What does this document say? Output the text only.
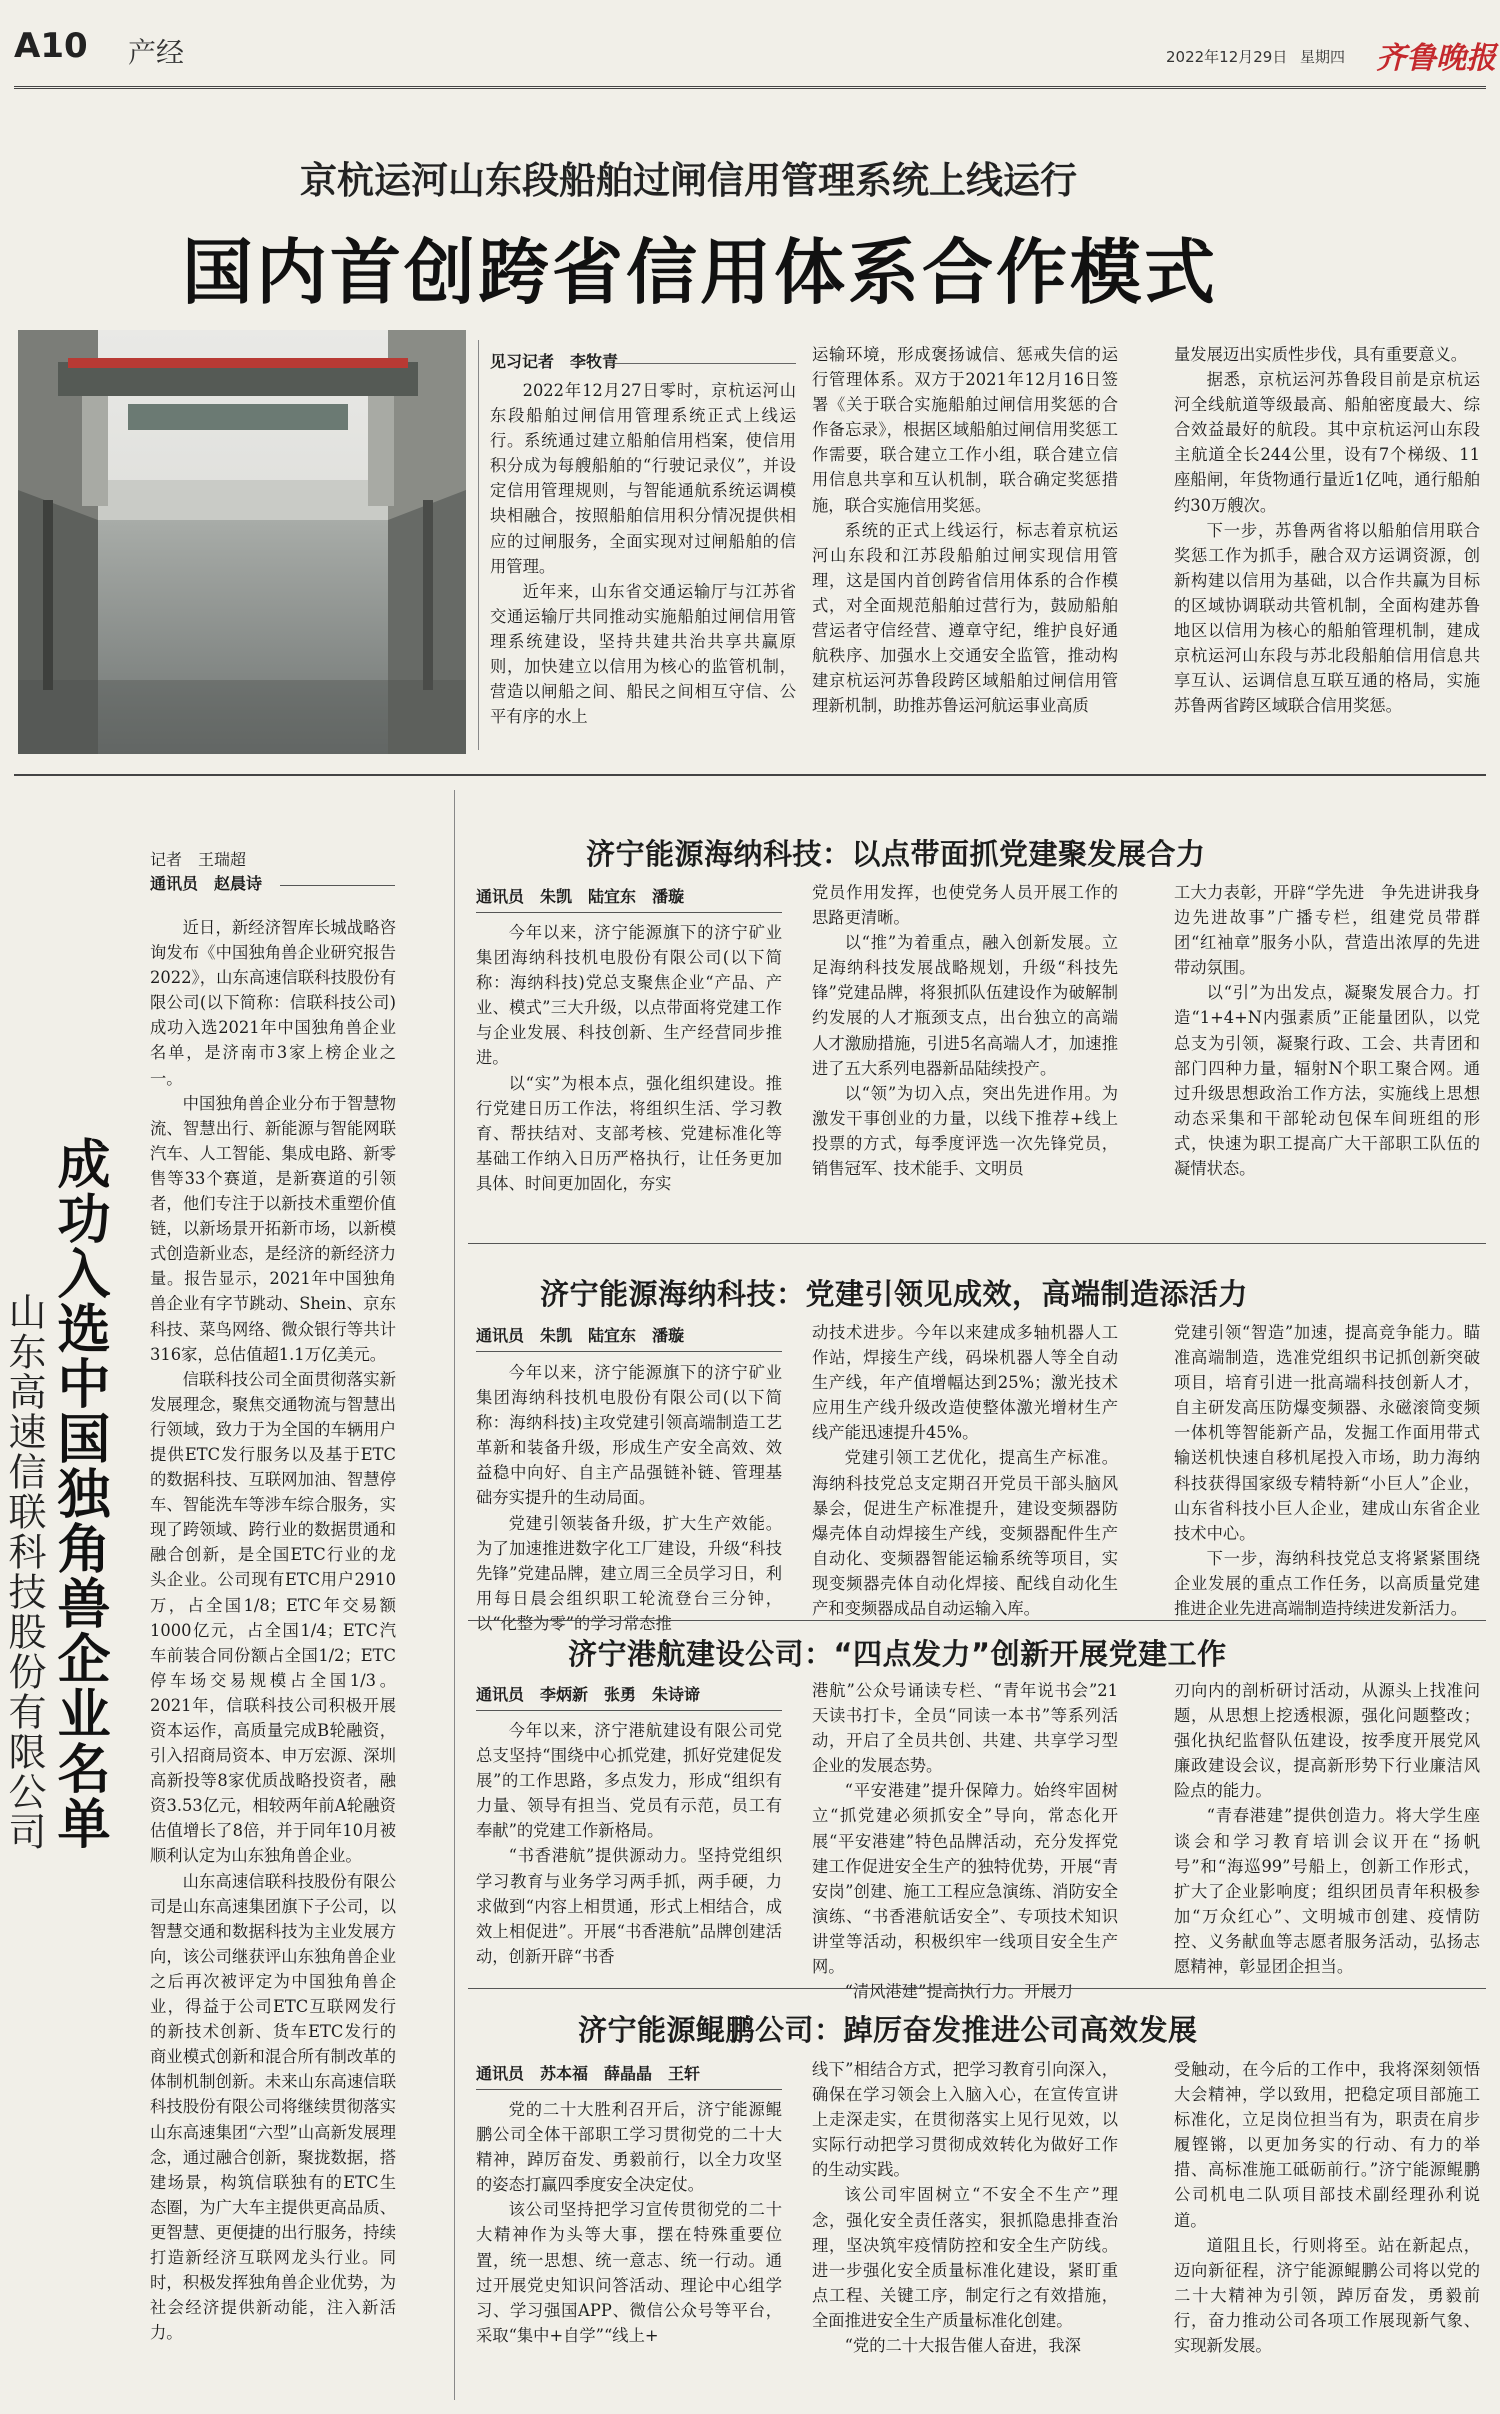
A10 产经	2022年12月29日 星期四 齐鲁晚报
京杭运河山东段船舶过闸信用管理系统上线运行
国内首创跨省信用体系合作模式
见习记者　李牧青

2022年12月27日零时，京杭运河山东段船舶过闸信用管理系统正式上线运行。系统通过建立船舶信用档案，使信用积分成为每艘船舶的“行驶记录仪”，并设定信用管理规则，与智能通航系统运调模块相融合，按照船舶信用积分情况提供相应的过闸服务，全面实现对过闸船舶的信用管理。

近年来，山东省交通运输厅与江苏省交通运输厅共同推动实施船舶过闸信用管理系统建设，坚持共建共治共享共赢原则，加快建立以信用为核心的监管机制，营造以闸船之间、船民之间相互守信、公平有序的水上

运输环境，形成褒扬诚信、惩戒失信的运行管理体系。双方于2021年12月16日签署《关于联合实施船舶过闸信用奖惩的合作备忘录》，根据区域船舶过闸信用奖惩工作需要，联合建立工作小组，联合建立信用信息共享和互认机制，联合确定奖惩措施，联合实施信用奖惩。

系统的正式上线运行，标志着京杭运河山东段和江苏段船舶过闸实现信用管理，这是国内首创跨省信用体系的合作模式，对全面规范船舶过营行为，鼓励船舶营运者守信经营、遵章守纪，维护良好通航秩序、加强水上交通安全监管，推动构建京杭运河苏鲁段跨区域船舶过闸信用管理新机制，助推苏鲁运河航运事业高质

量发展迈出实质性步伐，具有重要意义。

据悉，京杭运河苏鲁段目前是京杭运河全线航道等级最高、船舶密度最大、综合效益最好的航段。其中京杭运河山东段主航道全长244公里，设有7个梯级、11座船闸，年货物通行量近1亿吨，通行船舶约30万艘次。

下一步，苏鲁两省将以船舶信用联合奖惩工作为抓手，融合双方运调资源，创新构建以信用为基础，以合作共赢为目标的区域协调联动共管机制，全面构建苏鲁地区以信用为核心的船舶管理机制，建成京杭运河山东段与苏北段船舶信用信息共享互认、运调信息互联互通的格局，实施苏鲁两省跨区域联合信用奖惩。

记者　王瑞超
通讯员　赵晨诗
成功入选中国独角兽企业名单
山东高速信联科技股份有限公司

近日，新经济智库长城战略咨询发布《中国独角兽企业研究报告2022》，山东高速信联科技股份有限公司(以下简称：信联科技公司)成功入选2021年中国独角兽企业名单，是济南市3家上榜企业之一。

中国独角兽企业分布于智慧物流、智慧出行、新能源与智能网联汽车、人工智能、集成电路、新零售等33个赛道，是新赛道的引领者，他们专注于以新技术重塑价值链，以新场景开拓新市场，以新模式创造新业态，是经济的新经济力量。报告显示，2021年中国独角兽企业有字节跳动、Shein、京东科技、菜鸟网络、微众银行等共计316家，总估值超1.1万亿美元。

信联科技公司全面贯彻落实新发展理念，聚焦交通物流与智慧出行领域，致力于为全国的车辆用户提供ETC发行服务以及基于ETC的数据科技、互联网加油、智慧停车、智能洗车等涉车综合服务，实现了跨领域、跨行业的数据贯通和融合创新，是全国ETC行业的龙头企业。公司现有ETC用户2910万，占全国1/8；ETC年交易额1000亿元，占全国1/4；ETC汽车前装合同份额占全国1/2；ETC停车场交易规模占全国1/3。2021年，信联科技公司积极开展资本运作，高质量完成B轮融资，引入招商局资本、申万宏源、深圳高新投等8家优质战略投资者，融资3.53亿元，相较两年前A轮融资估值增长了8倍，并于同年10月被顺利认定为山东独角兽企业。

山东高速信联科技股份有限公司是山东高速集团旗下子公司，以智慧交通和数据科技为主业发展方向，该公司继获评山东独角兽企业之后再次被评定为中国独角兽企业，得益于公司ETC互联网发行的新技术创新、货车ETC发行的商业模式创新和混合所有制改革的体制机制创新。未来山东高速信联科技股份有限公司将继续贯彻落实山东高速集团“六型”山高新发展理念，通过融合创新，聚拢数据，搭建场景，构筑信联独有的ETC生态圈，为广大车主提供更高品质、更智慧、更便捷的出行服务，持续打造新经济互联网龙头行业。同时，积极发挥独角兽企业优势，为社会经济提供新动能，注入新活力。

济宁能源海纳科技：以点带面抓党建聚发展合力
通讯员　朱凯　陆宜东　潘璇

今年以来，济宁能源旗下的济宁矿业集团海纳科技机电股份有限公司(以下简称：海纳科技)党总支聚焦企业“产品、产业、模式”三大升级，以点带面将党建工作与企业发展、科技创新、生产经营同步推进。

以“实”为根本点，强化组织建设。推行党建日历工作法，将组织生活、学习教育、帮扶结对、支部考核、党建标准化等基础工作纳入日历严格执行，让任务更加具体、时间更加固化，夯实

党员作用发挥，也使党务人员开展工作的思路更清晰。

以“推”为着重点，融入创新发展。立足海纳科技发展战略规划，升级“科技先锋”党建品牌，将狠抓队伍建设作为破解制约发展的人才瓶颈支点，出台独立的高端人才激励措施，引进5名高端人才，加速推进了五大系列电器新品陆续投产。

以“领”为切入点，突出先进作用。为激发干事创业的力量，以线下推荐+线上投票的方式，每季度评选一次先锋党员，销售冠军、技术能手、文明员

工大力表彰，开辟“学先进　争先进讲我身边先进故事”广播专栏，组建党员带群团“红袖章”服务小队，营造出浓厚的先进带动氛围。

以“引”为出发点，凝聚发展合力。打造“1+4+N内强素质”正能量团队，以党总支为引领，凝聚行政、工会、共青团和部门四种力量，辐射N个职工聚合网。通过升级思想政治工作方法，实施线上思想动态采集和干部轮动包保车间班组的形式，快速为职工提高广大干部职工队伍的凝情状态。

济宁能源海纳科技：党建引领见成效，高端制造添活力
通讯员　朱凯　陆宜东　潘璇

今年以来，济宁能源旗下的济宁矿业集团海纳科技机电股份有限公司(以下简称：海纳科技)主攻党建引领高端制造工艺革新和装备升级，形成生产安全高效、效益稳中向好、自主产品强链补链、管理基础夯实提升的生动局面。

党建引领装备升级，扩大生产效能。为了加速推进数字化工厂建设，升级“科技先锋”党建品牌，建立周三全员学习日，利用每日晨会组织职工轮流登台三分钟，以“化整为零”的学习常态推

动技术进步。今年以来建成多轴机器人工作站，焊接生产线，码垛机器人等全自动生产线，年产值增幅达到25%；激光技术应用生产线升级改造使整体激光增材生产线产能迅速提升45%。

党建引领工艺优化，提高生产标准。海纳科技党总支定期召开党员干部头脑风暴会，促进生产标准提升，建设变频器防爆壳体自动焊接生产线，变频器配件生产自动化、变频器智能运输系统等项目，实现变频器壳体自动化焊接、配线自动化生产和变频器成品自动运输入库。

党建引领“智造”加速，提高竞争能力。瞄准高端制造，选准党组织书记抓创新突破项目，培育引进一批高端科技创新人才，自主研发高压防爆变频器、永磁滚筒变频一体机等智能新产品，发掘工作面用带式输送机快速自移机尾投入市场，助力海纳科技获得国家级专精特新“小巨人”企业，山东省科技小巨人企业，建成山东省企业技术中心。

下一步，海纳科技党总支将紧紧围绕企业发展的重点工作任务，以高质量党建推进企业先进高端制造持续进发新活力。

济宁港航建设公司：“四点发力”创新开展党建工作
通讯员　李炳新　张勇　朱诗谛

今年以来，济宁港航建设有限公司党总支坚持“围绕中心抓党建，抓好党建促发展”的工作思路，多点发力，形成“组织有力量、领导有担当、党员有示范，员工有奉献”的党建工作新格局。

“书香港航”提供源动力。坚持党组织学习教育与业务学习两手抓，两手硬，力求做到“内容上相贯通，形式上相结合，成效上相促进”。开展“书香港航”品牌创建活动，创新开辟“书香

港航”公众号诵读专栏、“青年说书会”21天读书打卡，全员“同读一本书”等系列活动，开启了全员共创、共建、共享学习型企业的发展态势。

“平安港建”提升保障力。始终牢固树立“抓党建必须抓安全”导向，常态化开展“平安港建”特色品牌活动，充分发挥党建工作促进安全生产的独特优势，开展“青安岗”创建、施工工程应急演练、消防安全演练、“书香港航话安全”、专项技术知识讲堂等活动，积极织牢一线项目安全生产网。

“清风港建”提高执行力。开展刀

刃向内的剖析研讨活动，从源头上找准问题，从思想上挖透根源，强化问题整改；强化执纪监督队伍建设，按季度开展党风廉政建设会议，提高新形势下行业廉洁风险点的能力。

“青春港建”提供创造力。将大学生座谈会和学习教育培训会议开在“扬帆号”和“海巡99”号船上，创新工作形式，扩大了企业影响度；组织团员青年积极参加“万众红心”、文明城市创建、疫情防控、义务献血等志愿者服务活动，弘扬志愿精神，彰显团企担当。

济宁能源鲲鹏公司：踔厉奋发推进公司高效发展
通讯员　苏本福　薛晶晶　王轩

党的二十大胜利召开后，济宁能源鲲鹏公司全体干部职工学习贯彻党的二十大精神，踔厉奋发、勇毅前行，以全力攻坚的姿态打赢四季度安全决定仗。

该公司坚持把学习宣传贯彻党的二十大精神作为头等大事，摆在特殊重要位置，统一思想、统一意志、统一行动。通过开展党史知识问答活动、理论中心组学习、学习强国APP、微信公众号等平台，采取“集中+自学”“线上+

线下”相结合方式，把学习教育引向深入，确保在学习领会上入脑入心，在宣传宣讲上走深走实，在贯彻落实上见行见效，以实际行动把学习贯彻成效转化为做好工作的生动实践。

该公司牢固树立“不安全不生产”理念，强化安全责任落实，狠抓隐患排查治理，坚决筑牢疫情防控和安全生产防线。进一步强化安全质量标准化建设，紧盯重点工程、关键工序，制定行之有效措施，全面推进安全生产质量标准化创建。

“党的二十大报告催人奋进，我深

受触动，在今后的工作中，我将深刻领悟大会精神，学以致用，把稳定项目部施工标准化，立足岗位担当有为，职责在肩步履铿锵，以更加务实的行动、有力的举措、高标准施工砥砺前行。”济宁能源鲲鹏公司机电二队项目部技术副经理孙利说道。

道阻且长，行则将至。站在新起点，迈向新征程，济宁能源鲲鹏公司将以党的二十大精神为引领，踔厉奋发，勇毅前行，奋力推动公司各项工作展现新气象、实现新发展。
